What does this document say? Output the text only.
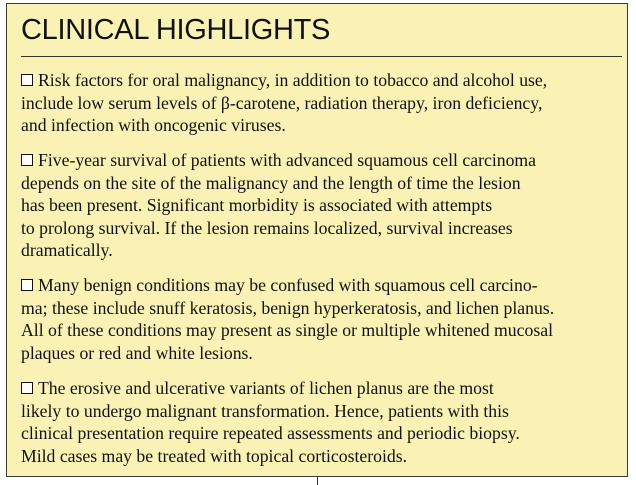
CLINICAL HIGHLIGHTS

Risk factors for oral malignancy, in addition to tobacco and alcohol use,
include low serum levels of β-carotene, radiation therapy, iron deficiency,
and infection with oncogenic viruses.

Five-year survival of patients with advanced squamous cell carcinoma
depends on the site of the malignancy and the length of time the lesion
has been present. Significant morbidity is associated with attempts
to prolong survival. If the lesion remains localized, survival increases
dramatically.

Many benign conditions may be confused with squamous cell carcino-
ma; these include snuff keratosis, benign hyperkeratosis, and lichen planus.
All of these conditions may present as single or multiple whitened mucosal
plaques or red and white lesions.

The erosive and ulcerative variants of lichen planus are the most
likely to undergo malignant transformation. Hence, patients with this
clinical presentation require repeated assessments and periodic biopsy.
Mild cases may be treated with topical corticosteroids.
